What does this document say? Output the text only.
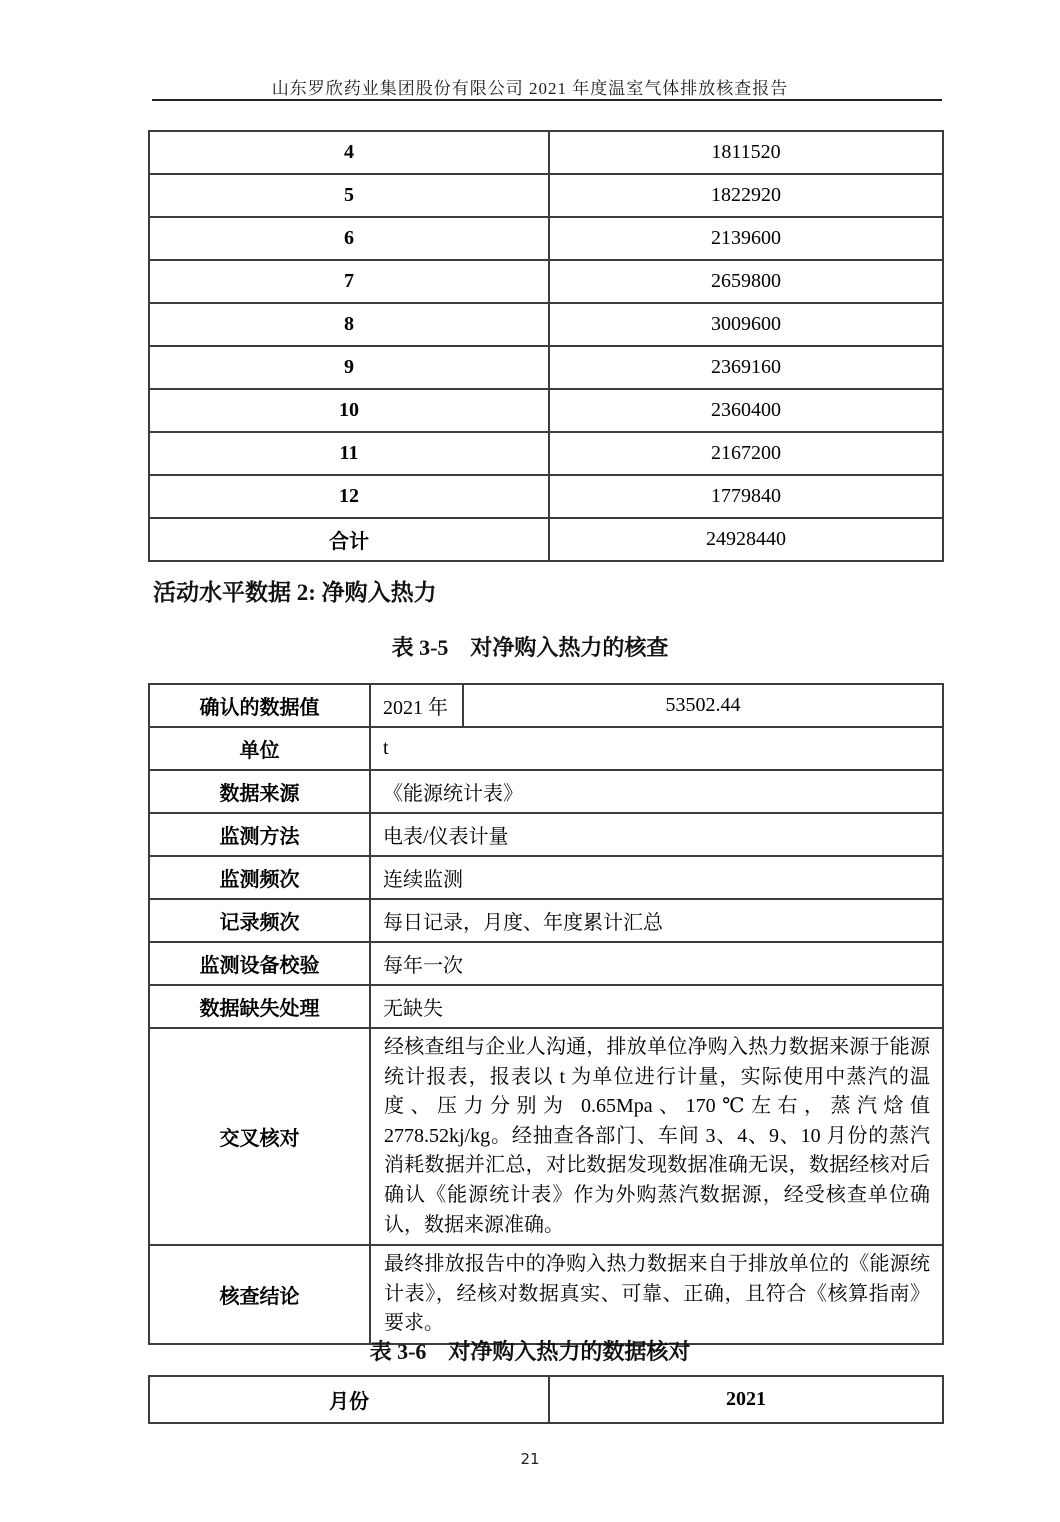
山东罗欣药业集团股份有限公司 2021 年度温室气体排放核查报告
4	1811520
5	1822920
6	2139600
7	2659800
8	3009600
9	2369160
10	2360400
11	2167200
12	1779840
合计	24928440
活动水平数据 2: 净购入热力
表 3-5　对净购入热力的核查
确认的数据值	2021 年	53502.44
单位	t	
数据来源	《能源统计表》	
监测方法	电表/仪表计量	
监测频次	连续监测	
记录频次	每日记录，月度、年度累计汇总	
监测设备校验	每年一次	
数据缺失处理	无缺失	
交叉核对	经核查组与企业人沟通，排放单位净购入热力数据来源于能源统计报表，报表以 t 为单位进行计量，实际使用中蒸汽的温度、压力分别为 0.65Mpa、170℃左右，蒸汽焓值 2778.52kj/kg。经抽查各部门、车间 3、4、9、10 月份的蒸汽消耗数据并汇总，对比数据发现数据准确无误，数据经核对后确认《能源统计表》作为外购蒸汽数据源，经受核查单位确认，数据来源准确。	

核查结论	最终排放报告中的净购入热力数据来自于排放单位的《能源统计表》，经核对数据真实、可靠、正确，且符合《核算指南》要求。	
表 3-6　对净购入热力的数据核对
月份	2021
21
